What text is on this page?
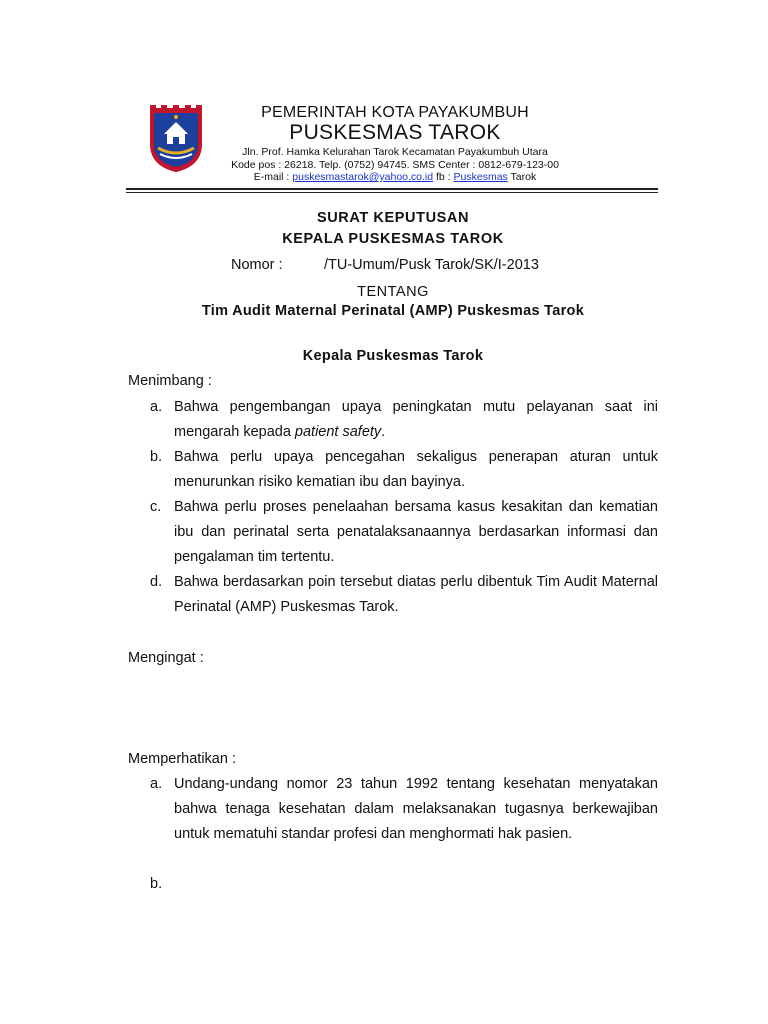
PEMERINTAH KOTA PAYAKUMBUH
PUSKESMAS TAROK
Jln. Prof. Hamka Kelurahan Tarok Kecamatan Payakumbuh Utara
Kode pos : 26218. Telp. (0752) 94745. SMS Center : 0812-679-123-00
E-mail : puskesmastarok@yahoo.co.id fb : Puskesmas Tarok
SURAT KEPUTUSAN
KEPALA PUSKESMAS TAROK
Nomor :	/TU-Umum/Pusk Tarok/SK/I-2013
TENTANG
Tim Audit Maternal Perinatal (AMP) Puskesmas Tarok
Kepala Puskesmas Tarok
Menimbang :
a. Bahwa pengembangan upaya peningkatan mutu pelayanan saat ini mengarah kepada patient safety.
b. Bahwa perlu upaya pencegahan sekaligus penerapan aturan untuk menurunkan risiko kematian ibu dan bayinya.
c. Bahwa perlu proses penelaahan bersama kasus kesakitan dan kematian ibu dan perinatal serta penatalaksanaannya berdasarkan informasi dan pengalaman tim tertentu.
d. Bahwa berdasarkan poin tersebut diatas perlu dibentuk Tim Audit Maternal Perinatal (AMP) Puskesmas Tarok.
Mengingat :
Memperhatikan :
a. Undang-undang nomor 23 tahun 1992 tentang kesehatan menyatakan bahwa tenaga kesehatan dalam melaksanakan tugasnya berkewajiban untuk mematuhi standar profesi dan menghormati hak pasien.
b.
